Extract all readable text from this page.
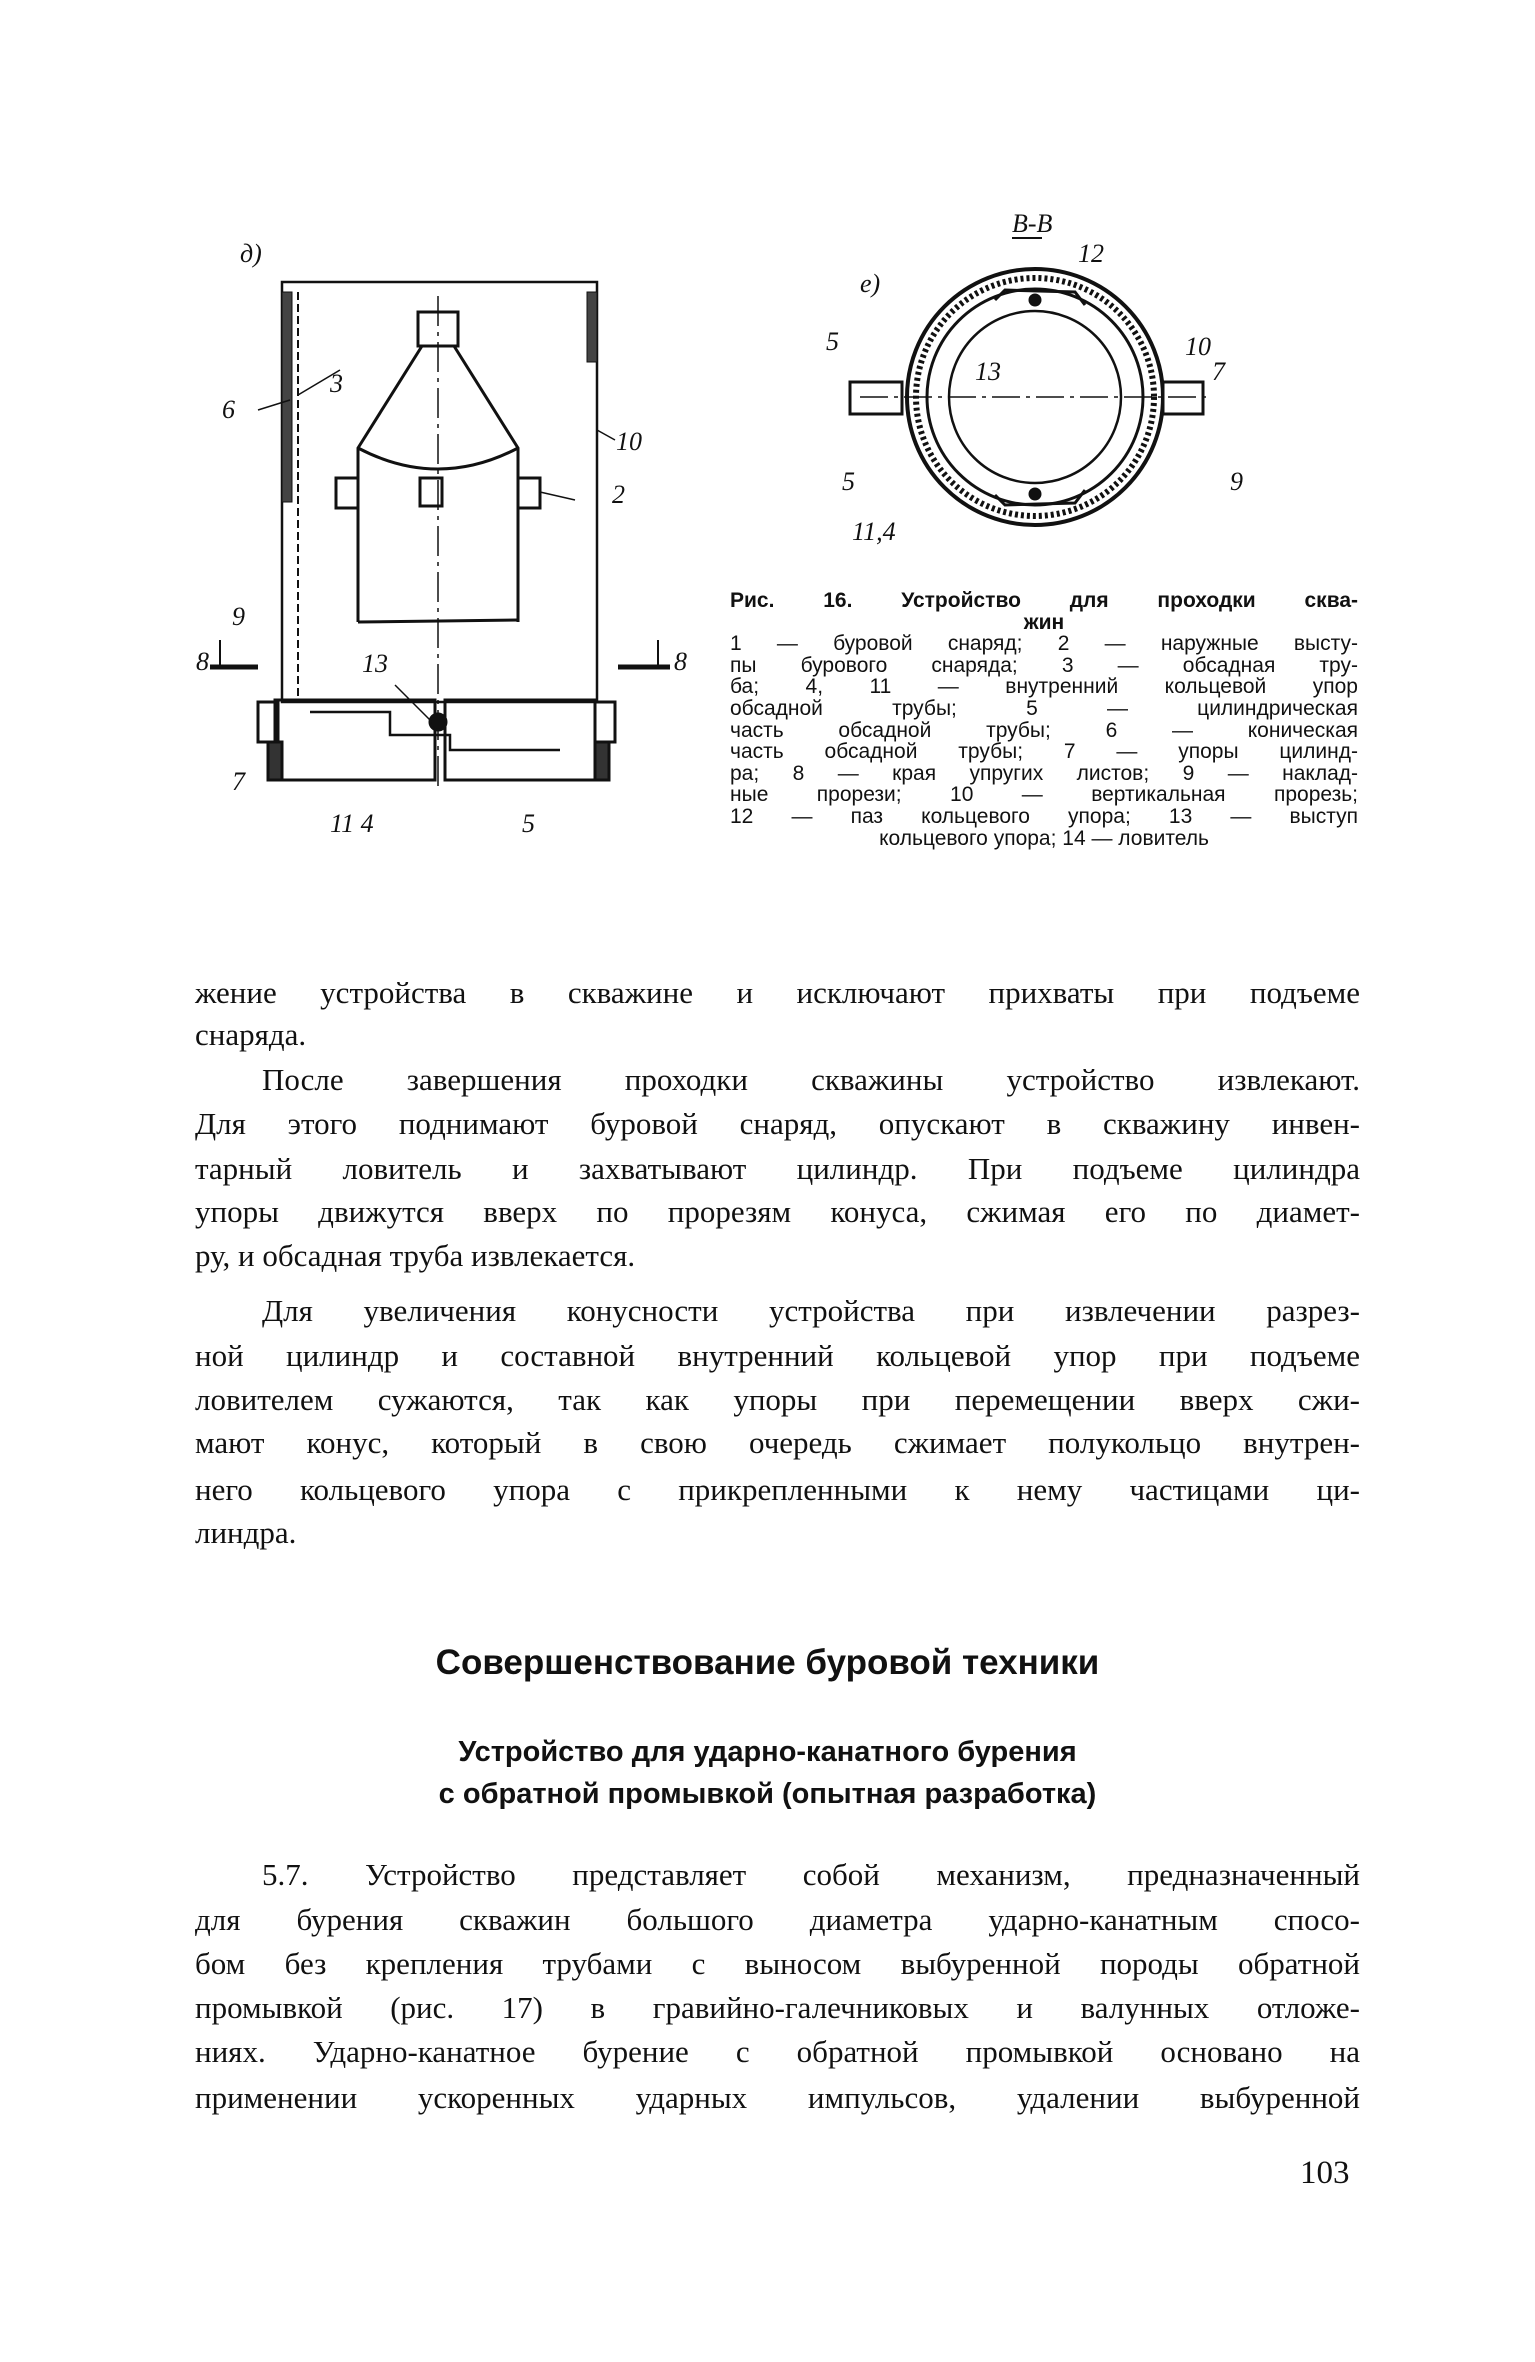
д)
3
6
10
2
9
8	13	8
7
11 4	5
В-В
е)
12
5
13
10
7
5	9
11,4
Рис. 16. Устройство для проходки сква-
жин
1 — буровой снаряд; 2 — наружные высту-
пы бурового снаряда; 3 — обсадная тру-
ба; 4, 11 — внутренний кольцевой упор
обсадной трубы; 5 — цилиндрическая
часть обсадной трубы; 6 — коническая
часть обсадной трубы; 7 — упоры цилинд-
ра; 8 — края упругих листов; 9 — наклад-
ные прорези; 10 — вертикальная прорезь;
12 — паз кольцевого упора; 13 — выступ
кольцевого упора; 14 — ловитель
жение устройства в скважине и исключают прихваты при подъеме
снаряда.
После завершения проходки скважины устройство извлекают.
Для этого поднимают буровой снаряд, опускают в скважину инвен-
тарный ловитель и захватывают цилиндр. При подъеме цилиндра
упоры движутся вверх по прорезям конуса, сжимая его по диамет-
ру, и обсадная труба извлекается.
Для увеличения конусности устройства при извлечении разрез-
ной цилиндр и составной внутренний кольцевой упор при подъеме
ловителем сужаются, так как упоры при перемещении вверх сжи-
мают конус, который в свою очередь сжимает полукольцо внутрен-
него кольцевого упора с прикрепленными к нему частицами ци-
линдра.
Совершенствование буровой техники
Устройство для ударно-канатного бурения
с обратной промывкой (опытная разработка)
5.7. Устройство представляет собой механизм, предназначенный
для бурения скважин большого диаметра ударно-канатным спосо-
бом без крепления трубами с выносом выбуренной породы обратной
промывкой (рис. 17) в гравийно-галечниковых и валунных отложе-
ниях. Ударно-канатное бурение с обратной промывкой основано на
применении ускоренных ударных импульсов, удалении выбуренной
103
